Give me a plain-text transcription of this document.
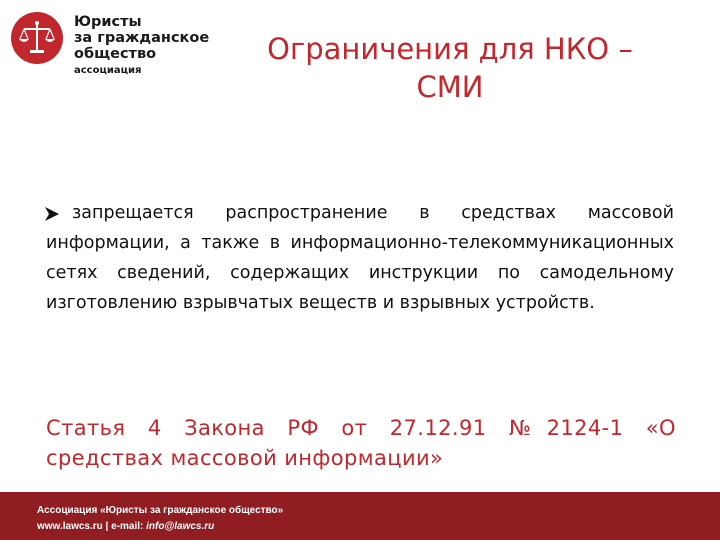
Юристы
за гражданское
общество
ассоциация
Ограничения для НКО –
СМИ
запрещается распространение в средствах массовой информации, а также в информационно-телекоммуникационных сетях сведений, содержащих инструкции по самодельному изготовлению взрывчатых веществ и взрывных устройств.
Статья 4 Закона РФ от 27.12.91 №2124-1 «О средствах массовой информации»
Ассоциация «Юристы за гражданское общество»
www.lawcs.ru | e-mail: info@lawcs.ru
